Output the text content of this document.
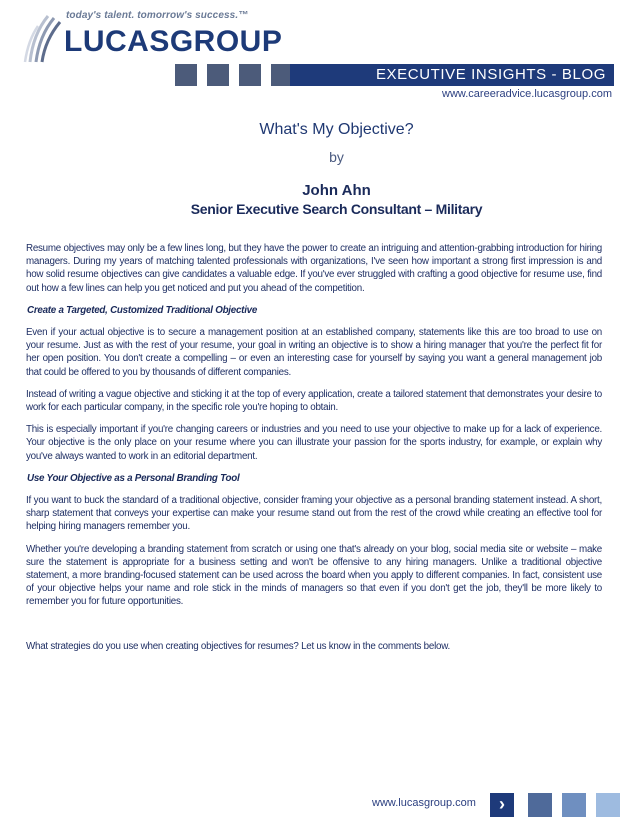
today's talent. tomorrow's success.™
LUCASGROUP
EXECUTIVE INSIGHTS - BLOG
www.careeradvice.lucasgroup.com
What's My Objective?
by
John Ahn
Senior Executive Search Consultant – Military

Resume objectives may only be a few lines long, but they have the power to create an intriguing and attention-grabbing introduction for hiring managers. During my years of matching talented professionals with organizations, I've seen how important a strong first impression is and how solid resume objectives can give candidates a valuable edge. If you've ever struggled with crafting a good objective for resume use, find out how a few lines can help you get noticed and put you ahead of the competition.

Create a Targeted, Customized Traditional Objective

Even if your actual objective is to secure a management position at an established company, statements like this are too broad to use on your resume. Just as with the rest of your resume, your goal in writing an objective is to show a hiring manager that you're the perfect fit for her open position. You don't create a compelling – or even an interesting case for yourself by saying you want a general management job that could be offered to you by thousands of different companies.

Instead of writing a vague objective and sticking it at the top of every application, create a tailored statement that demonstrates your desire to work for each particular company, in the specific role you're hoping to obtain.

This is especially important if you're changing careers or industries and you need to use your objective to make up for a lack of experience. Your objective is the only place on your resume where you can illustrate your passion for the sports industry, for example, or explain why you've always wanted to work in an editorial department.

Use Your Objective as a Personal Branding Tool

If you want to buck the standard of a traditional objective, consider framing your objective as a personal branding statement instead. A short, sharp statement that conveys your expertise can make your resume stand out from the rest of the crowd while creating an effective tool for helping hiring managers remember you.

Whether you're developing a branding statement from scratch or using one that's already on your blog, social media site or website – make sure the statement is appropriate for a business setting and won't be offensive to any hiring managers. Unlike a traditional objective statement, a more branding-focused statement can be used across the board when you apply to different companies. In fact, consistent use of your objective helps your name and role stick in the minds of managers so that even if you don't get the job, they'll be more likely to remember you for future opportunities.

What strategies do you use when creating objectives for resumes? Let us know in the comments below.

www.lucasgroup.com	›
